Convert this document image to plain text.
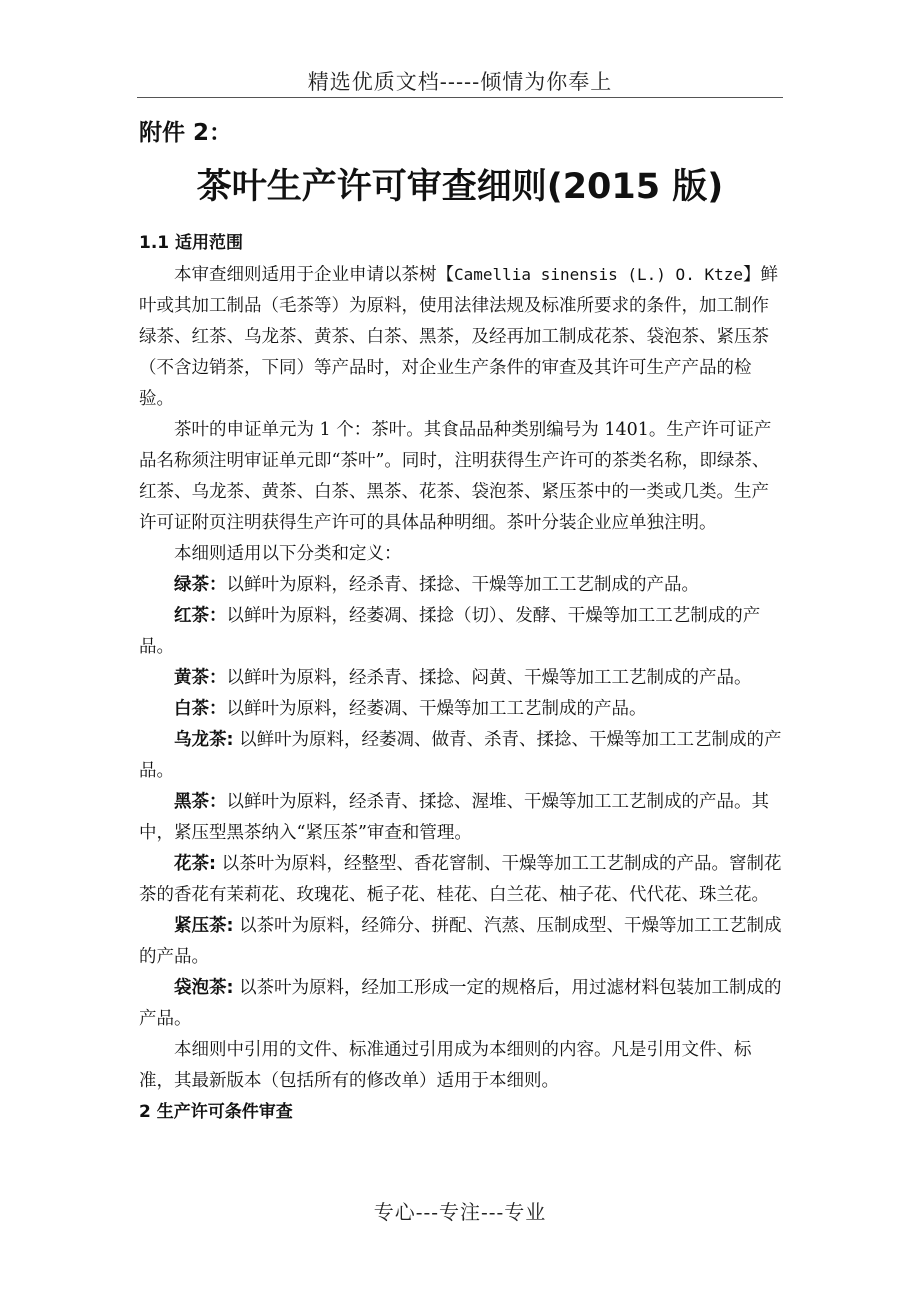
精选优质文档-----倾情为你奉上
附件 2：
茶叶生产许可审查细则(2015 版)

1.1 适用范围

本审查细则适用于企业申请以茶树【Camellia sinensis (L.) O. Ktze】鲜叶或其加工制品（毛茶等）为原料，使用法律法规及标准所要求的条件，加工制作绿茶、红茶、乌龙茶、黄茶、白茶、黑茶，及经再加工制成花茶、袋泡茶、紧压茶（不含边销茶，下同）等产品时，对企业生产条件的审查及其许可生产产品的检验。

茶叶的申证单元为 1 个：茶叶。其食品品种类别编号为 1401。生产许可证产品名称须注明审证单元即“茶叶”。同时，注明获得生产许可的茶类名称，即绿茶、红茶、乌龙茶、黄茶、白茶、黑茶、花茶、袋泡茶、紧压茶中的一类或几类。生产许可证附页注明获得生产许可的具体品种明细。茶叶分装企业应单独注明。

本细则适用以下分类和定义：

绿茶：以鲜叶为原料，经杀青、揉捻、干燥等加工工艺制成的产品。

红茶：以鲜叶为原料，经萎凋、揉捻（切）、发酵、干燥等加工工艺制成的产品。

黄茶：以鲜叶为原料，经杀青、揉捻、闷黄、干燥等加工工艺制成的产品。

白茶：以鲜叶为原料，经萎凋、干燥等加工工艺制成的产品。

乌龙茶: 以鲜叶为原料，经萎凋、做青、杀青、揉捻、干燥等加工工艺制成的产品。

黑茶：以鲜叶为原料，经杀青、揉捻、渥堆、干燥等加工工艺制成的产品。其中，紧压型黑茶纳入“紧压茶”审查和管理。

花茶: 以茶叶为原料，经整型、香花窨制、干燥等加工工艺制成的产品。窨制花茶的香花有茉莉花、玫瑰花、栀子花、桂花、白兰花、柚子花、代代花、珠兰花。

紧压茶: 以茶叶为原料，经筛分、拼配、汽蒸、压制成型、干燥等加工工艺制成的产品。

袋泡茶: 以茶叶为原料，经加工形成一定的规格后，用过滤材料包装加工制成的产品。

本细则中引用的文件、标准通过引用成为本细则的内容。凡是引用文件、标准，其最新版本（包括所有的修改单）适用于本细则。

2 生产许可条件审查

专心---专注---专业
